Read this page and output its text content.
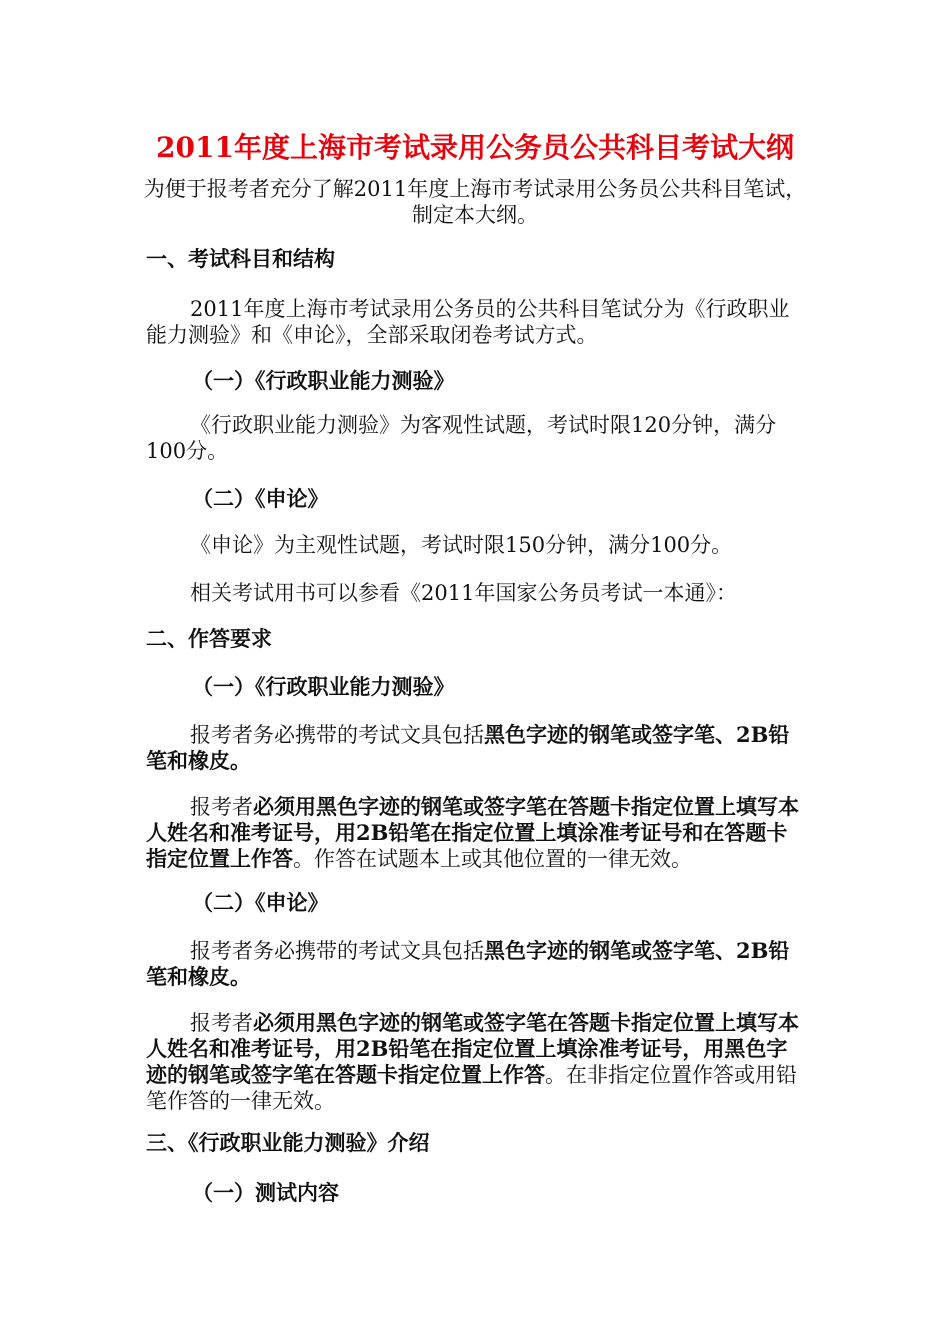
2011年度上海市考试录用公务员公共科目考试大纲

为便于报考者充分了解2011年度上海市考试录用公务员公共科目笔试，制定本大纲。

一、考试科目和结构

2011年度上海市考试录用公务员的公共科目笔试分为《行政职业能力测验》和《申论》，全部采取闭卷考试方式。

（一）《行政职业能力测验》

《行政职业能力测验》为客观性试题，考试时限120分钟，满分100分。

（二）《申论》

《申论》为主观性试题，考试时限150分钟，满分100分。

相关考试用书可以参看《2011年国家公务员考试一本通》：

二、作答要求
（一）《行政职业能力测验》

报考者务必携带的考试文具包括黑色字迹的钢笔或签字笔、2B铅笔和橡皮。

报考者必须用黑色字迹的钢笔或签字笔在答题卡指定位置上填写本人姓名和准考证号，用2B铅笔在指定位置上填涂准考证号和在答题卡指定位置上作答。作答在试题本上或其他位置的一律无效。

（二）《申论》

报考者务必携带的考试文具包括黑色字迹的钢笔或签字笔、2B铅笔和橡皮。

报考者必须用黑色字迹的钢笔或签字笔在答题卡指定位置上填写本人姓名和准考证号，用2B铅笔在指定位置上填涂准考证号，用黑色字迹的钢笔或签字笔在答题卡指定位置上作答。在非指定位置作答或用铅笔作答的一律无效。

三、《行政职业能力测验》介绍
（一）测试内容
